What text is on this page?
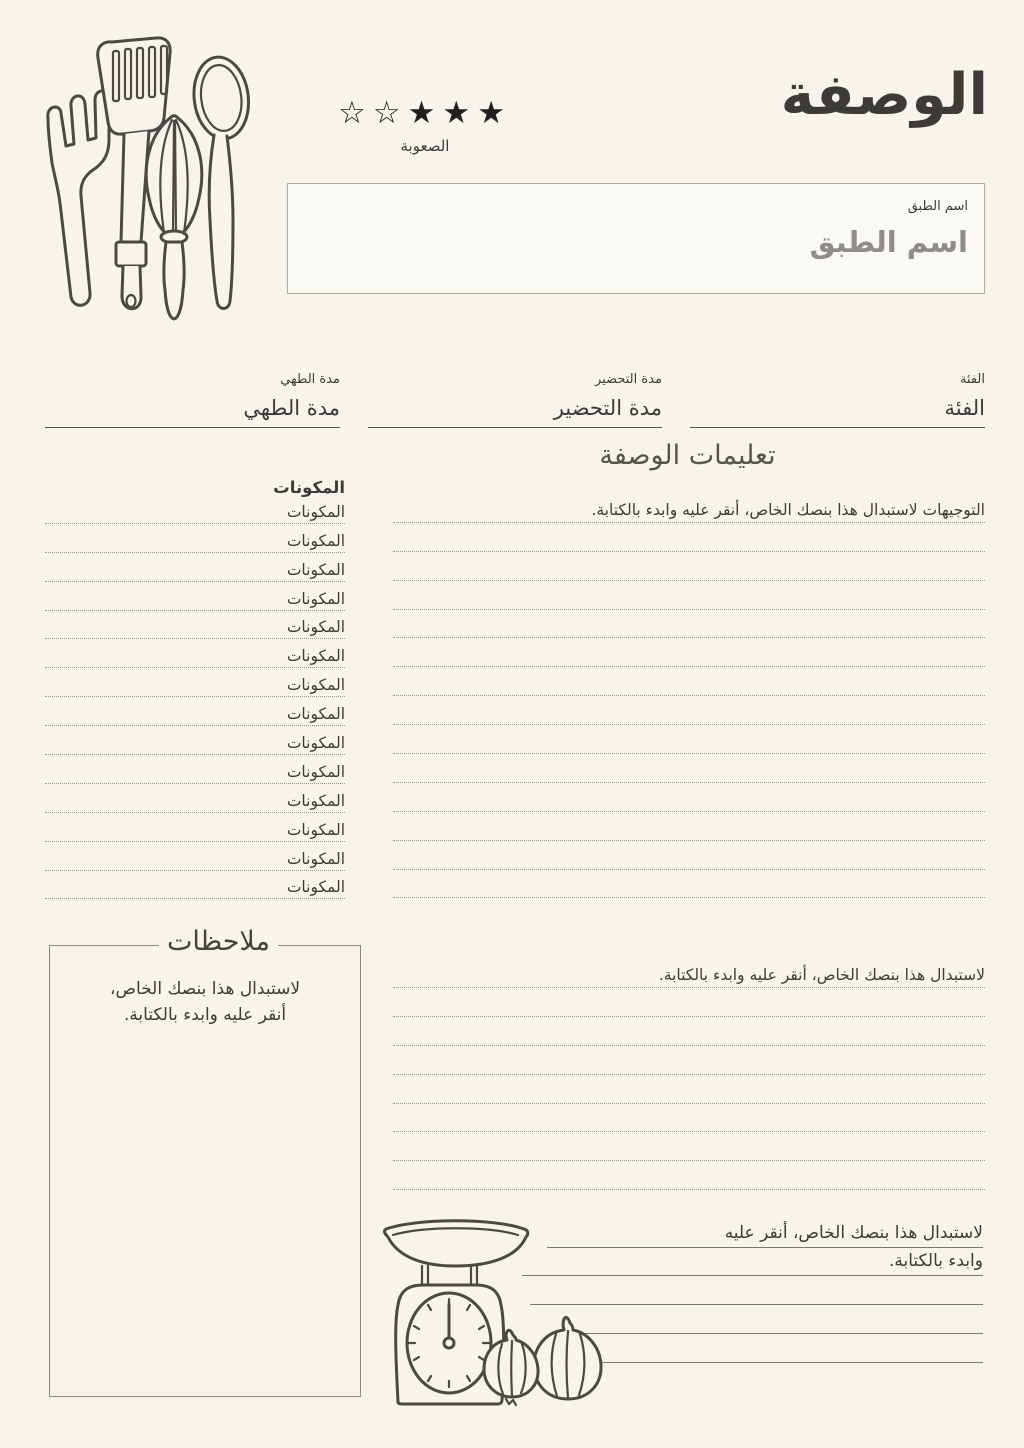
الوصفة
☆☆★★★
الصعوبة
اسم الطبق
اسم الطبق
الفئة
الفئة
مدة التحضير
مدة التحضير
مدة الطهي
مدة الطهي
تعليمات الوصفة
التوجيهات لاستبدال هذا بنصك الخاص، أنقر عليه وابدء بالكتابة.
المكونات
المكونات
المكونات
المكونات
المكونات
المكونات
المكونات
المكونات
المكونات
المكونات
المكونات
المكونات
المكونات
المكونات
المكونات
ملاحظات
لاستبدال هذا بنصك الخاص،
أنقر عليه وابدء بالكتابة.
لاستبدال هذا بنصك الخاص، أنقر عليه وابدء بالكتابة.
لاستبدال هذا بنصك الخاص، أنقر عليه
وابدء بالكتابة.
